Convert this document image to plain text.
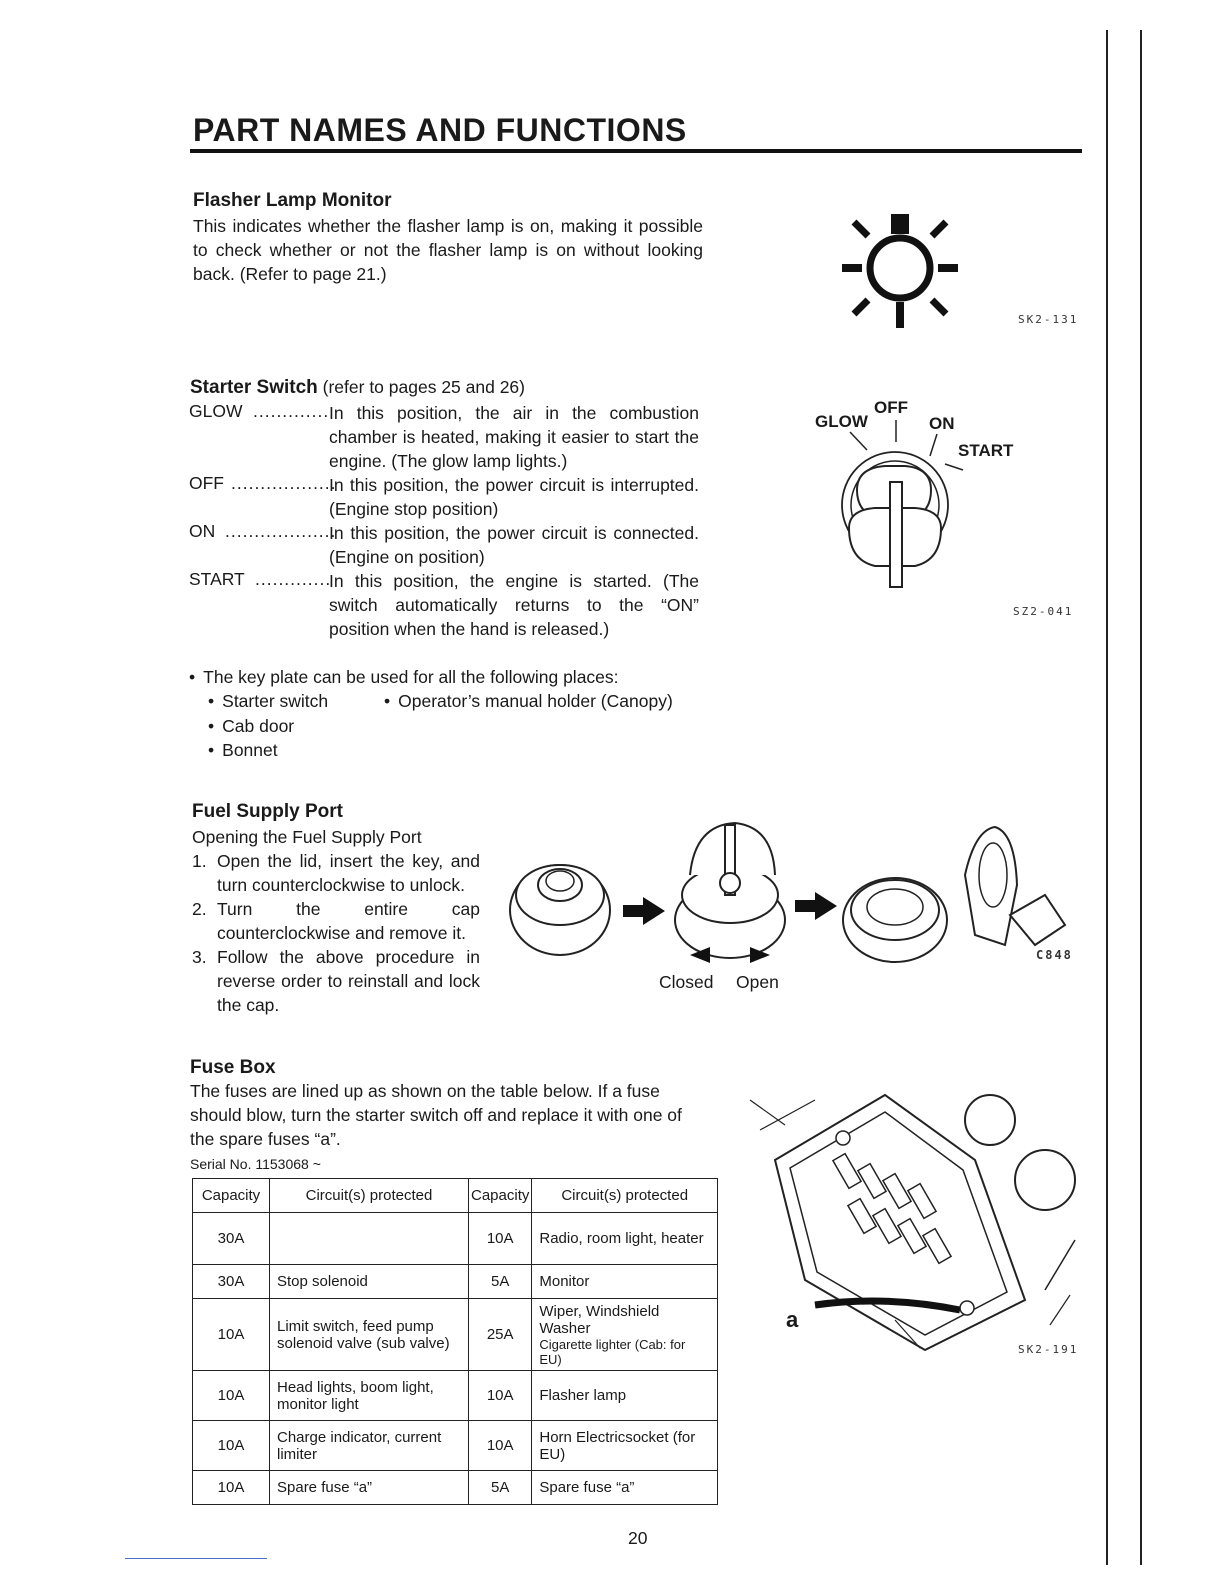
PART NAMES AND FUNCTIONS
Flasher Lamp Monitor
This indicates whether the flasher lamp is on, making it possible to check whether or not the flasher lamp is on without looking back. (Refer to page 21.)
SK2-131
Starter Switch (refer to pages 25 and 26)
GLOW ............. In this position, the air in the combustion chamber is heated, making it easier to start the engine. (The glow lamp lights.)
OFF ..................
In this position, the power circuit is interrupted. (Engine stop position)
ON ...................
In this position, the power circuit is connected. (Engine on position)
START .............
In this position, the engine is started. (The switch automatically returns to the “ON” position when the hand is released.)
GLOW
OFF
ON
START
SZ2-041
• The key plate can be used for all the following places:
• Starter switch	• Operator’s manual holder (Canopy)
• Cab door
• Bonnet
Fuel Supply Port
Opening the Fuel Supply Port
1. Open the lid, insert the key, and turn counterclockwise to unlock.
2. Turn the entire cap counterclockwise and remove it.
3. Follow the above procedure in reverse order to reinstall and lock the cap.
Closed Open
C848
Fuse Box
The fuses are lined up as shown on the table below. If a fuse should blow, turn the starter switch off and replace it with one of the spare fuses “a”.
Serial No. 1153068 ~
Capacity	Circuit(s) protected	Capacity	Circuit(s) protected
30A		10A	Radio, room light, heater
30A	Stop solenoid	5A	Monitor
10A	Limit switch, feed pump solenoid valve (sub valve)	25A	Wiper, Windshield Washer
Cigarette lighter (Cab: for EU)

10A	Head lights, boom light, monitor light	10A	Flasher lamp
10A	Charge indicator, current limiter	10A	Horn Electricsocket (for EU)
10A	Spare fuse “a”	5A	Spare fuse “a”
a
SK2-191
20
